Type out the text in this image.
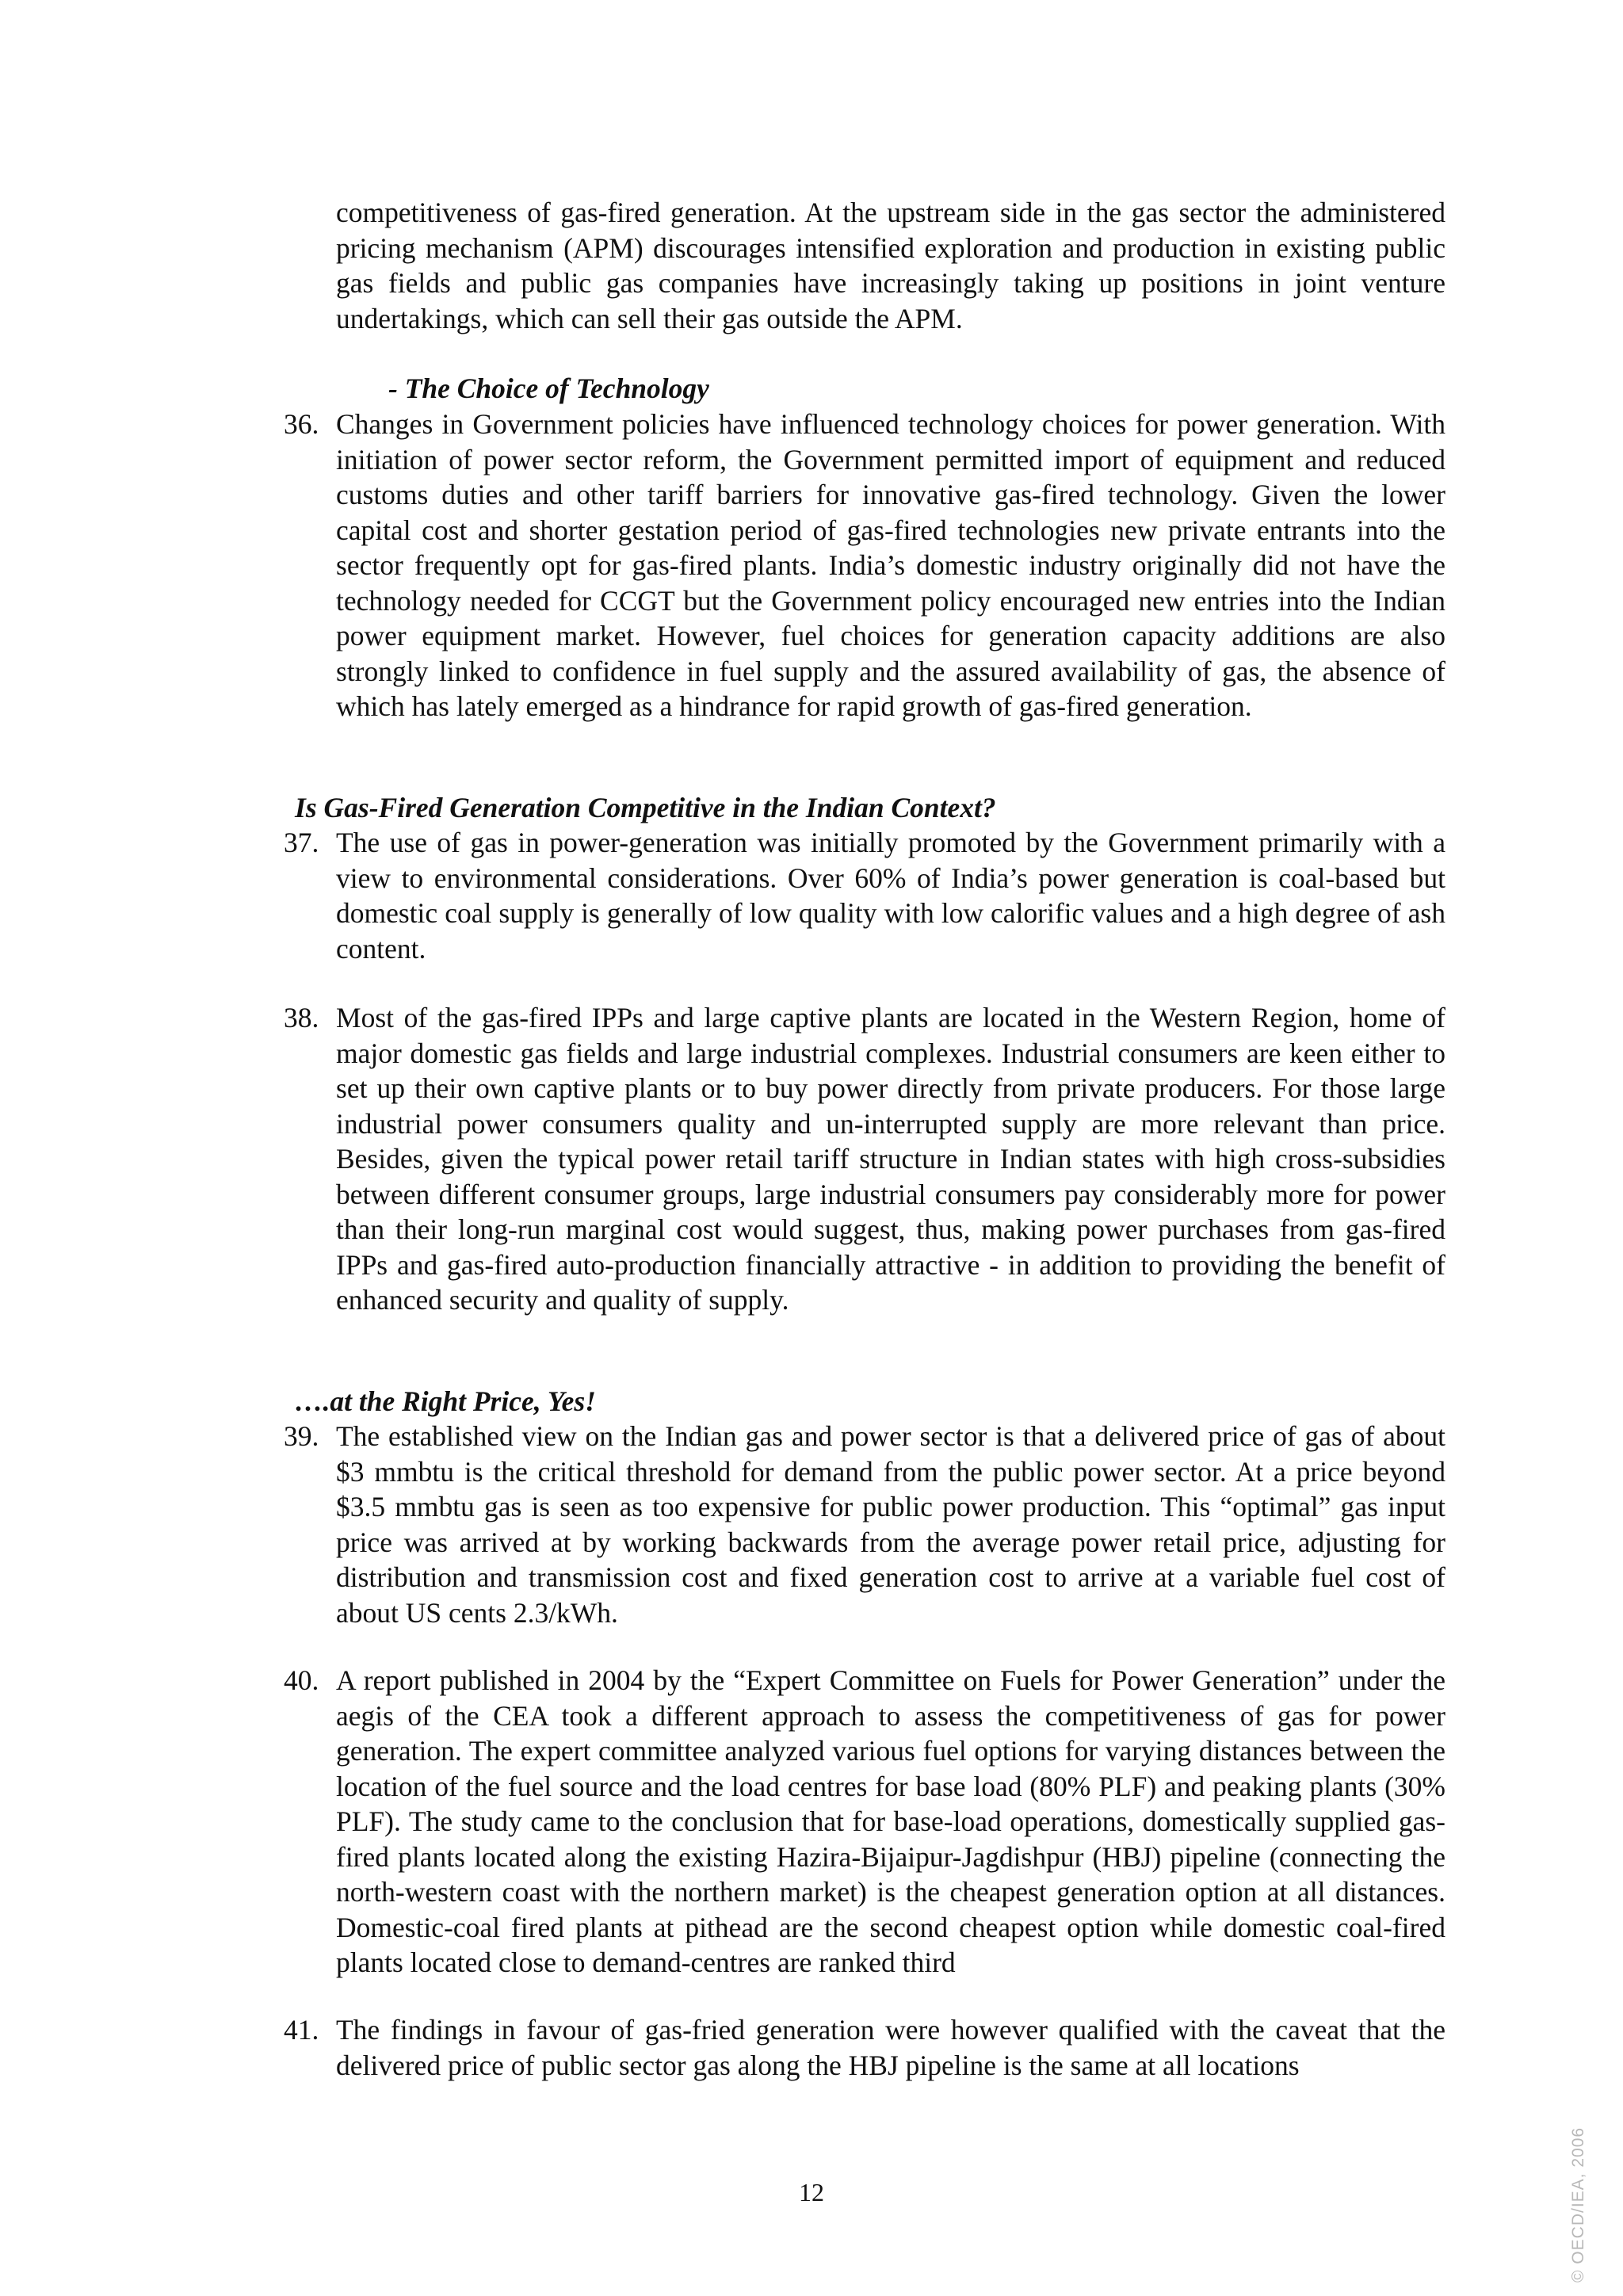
competitiveness of gas-fired generation. At the upstream side in the gas sector the administered pricing mechanism (APM) discourages intensified exploration and production in existing public gas fields and public gas companies have increasingly taking up positions in joint venture undertakings, which can sell their gas outside the APM.
- The Choice of Technology
36. Changes in Government policies have influenced technology choices for power generation. With initiation of power sector reform, the Government permitted import of equipment and reduced customs duties and other tariff barriers for innovative gas-fired technology. Given the lower capital cost and shorter gestation period of gas-fired technologies new private entrants into the sector frequently opt for gas-fired plants. India’s domestic industry originally did not have the technology needed for CCGT but the Government policy encouraged new entries into the Indian power equipment market. However, fuel choices for generation capacity additions are also strongly linked to confidence in fuel supply and the assured availability of gas, the absence of which has lately emerged as a hindrance for rapid growth of gas-fired generation.
Is Gas-Fired Generation Competitive in the Indian Context?
37. The use of gas in power-generation was initially promoted by the Government primarily with a view to environmental considerations. Over 60% of India’s power generation is coal-based but domestic coal supply is generally of low quality with low calorific values and a high degree of ash content.
38. Most of the gas-fired IPPs and large captive plants are located in the Western Region, home of major domestic gas fields and large industrial complexes. Industrial consumers are keen either to set up their own captive plants or to buy power directly from private producers. For those large industrial power consumers quality and un-interrupted supply are more relevant than price. Besides, given the typical power retail tariff structure in Indian states with high cross-subsidies between different consumer groups, large industrial consumers pay considerably more for power than their long-run marginal cost would suggest, thus, making power purchases from gas-fired IPPs and gas-fired auto-production financially attractive - in addition to providing the benefit of enhanced security and quality of supply.
….at the Right Price, Yes!
39. The established view on the Indian gas and power sector is that a delivered price of gas of about $3 mmbtu is the critical threshold for demand from the public power sector. At a price beyond $3.5 mmbtu gas is seen as too expensive for public power production. This “optimal” gas input price was arrived at by working backwards from the average power retail price, adjusting for distribution and transmission cost and fixed generation cost to arrive at a variable fuel cost of about US cents 2.3/kWh.
40. A report published in 2004 by the “Expert Committee on Fuels for Power Generation” under the aegis of the CEA took a different approach to assess the competitiveness of gas for power generation. The expert committee analyzed various fuel options for varying distances between the location of the fuel source and the load centres for base load (80% PLF) and peaking plants (30% PLF). The study came to the conclusion that for base-load operations, domestically supplied gas-fired plants located along the existing Hazira-Bijaipur-Jagdishpur (HBJ) pipeline (connecting the north-western coast with the northern market) is the cheapest generation option at all distances. Domestic-coal fired plants at pithead are the second cheapest option while domestic coal-fired plants located close to demand-centres are ranked third
41. The findings in favour of gas-fried generation were however qualified with the caveat that the delivered price of public sector gas along the HBJ pipeline is the same at all locations
12	© OECD/IEA, 2006
